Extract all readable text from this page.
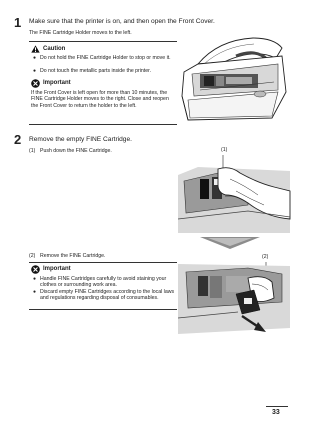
1 Make sure that the printer is on, and then open the Front Cover.
The FINE Cartridge Holder moves to the left.
Caution
● Do not hold the FINE Cartridge Holder to stop or move it.
● Do not touch the metallic parts inside the printer.
Important
If the Front Cover is left open for more than 10 minutes, the FINE Cartridge Holder moves to the right. Close and reopen the Front Cover to return the holder to the left.
2 Remove the empty FINE Cartridge.
(1) Push down the FINE Cartridge.	(1)
(2) Remove the FINE Cartridge.
Important
● Handle FINE Cartridges carefully to avoid staining your clothes or surrounding work area.
● Discard empty FINE Cartridges according to the local laws and regulations regarding disposal of consumables.
(2)
33
